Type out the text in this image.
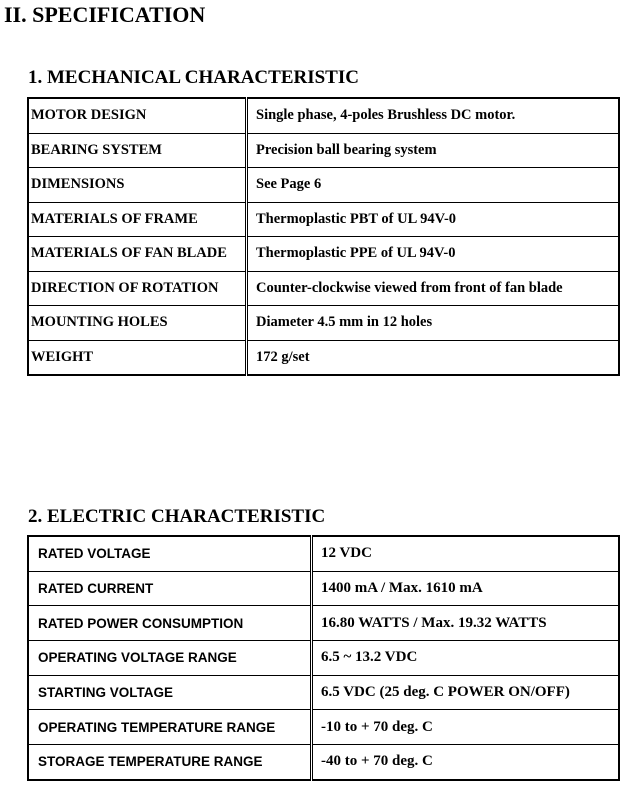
II. SPECIFICATION
1. MECHANICAL CHARACTERISTIC
MOTOR DESIGN	Single phase, 4-poles Brushless DC motor.
BEARING SYSTEM	Precision ball bearing system
DIMENSIONS	See Page 6
MATERIALS OF FRAME	Thermoplastic PBT of UL 94V-0
MATERIALS OF FAN BLADE	Thermoplastic PPE of UL 94V-0
DIRECTION OF ROTATION	Counter-clockwise viewed from front of fan blade
MOUNTING HOLES	Diameter 4.5 mm in 12 holes
WEIGHT	172 g/set
2. ELECTRIC CHARACTERISTIC
RATED VOLTAGE	12 VDC
RATED CURRENT	1400 mA / Max. 1610 mA
RATED POWER CONSUMPTION	16.80 WATTS / Max. 19.32 WATTS
OPERATING VOLTAGE RANGE	6.5 ~ 13.2 VDC
STARTING VOLTAGE	6.5 VDC (25 deg. C POWER ON/OFF)
OPERATING TEMPERATURE RANGE	-10 to + 70 deg. C
STORAGE TEMPERATURE RANGE	-40 to + 70 deg. C
